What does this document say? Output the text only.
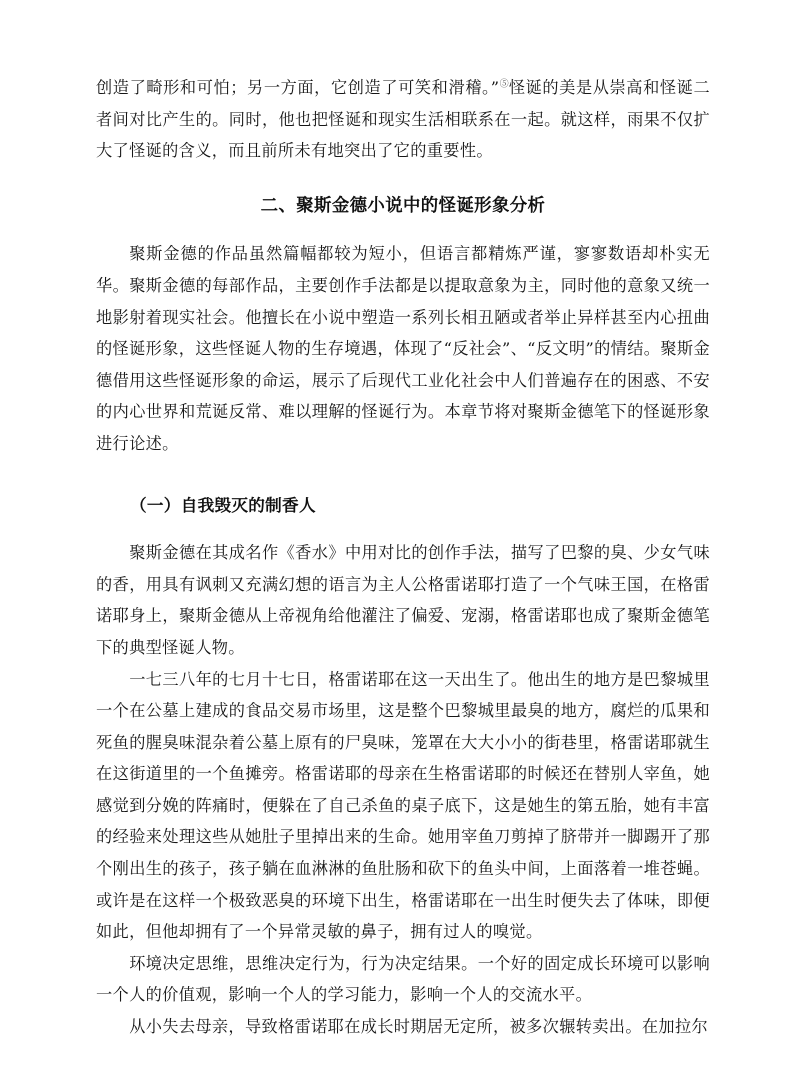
创造了畸形和可怕；另一方面，它创造了可笑和滑稽。”⑤怪诞的美是从崇高和怪诞二者间对比产生的。同时，他也把怪诞和现实生活相联系在一起。就这样，雨果不仅扩大了怪诞的含义，而且前所未有地突出了它的重要性。

二、聚斯金德小说中的怪诞形象分析

聚斯金德的作品虽然篇幅都较为短小，但语言都精炼严谨，寥寥数语却朴实无华。聚斯金德的每部作品，主要创作手法都是以提取意象为主，同时他的意象又统一地影射着现实社会。他擅长在小说中塑造一系列长相丑陋或者举止异样甚至内心扭曲的怪诞形象，这些怪诞人物的生存境遇，体现了“反社会”、“反文明”的情结。聚斯金德借用这些怪诞形象的命运，展示了后现代工业化社会中人们普遍存在的困惑、不安的内心世界和荒诞反常、难以理解的怪诞行为。本章节将对聚斯金德笔下的怪诞形象进行论述。

（一）自我毁灭的制香人

聚斯金德在其成名作《香水》中用对比的创作手法，描写了巴黎的臭、少女气味的香，用具有讽刺又充满幻想的语言为主人公格雷诺耶打造了一个气味王国，在格雷诺耶身上，聚斯金德从上帝视角给他灌注了偏爱、宠溺，格雷诺耶也成了聚斯金德笔下的典型怪诞人物。

一七三八年的七月十七日，格雷诺耶在这一天出生了。他出生的地方是巴黎城里一个在公墓上建成的食品交易市场里，这是整个巴黎城里最臭的地方，腐烂的瓜果和死鱼的腥臭味混杂着公墓上原有的尸臭味，笼罩在大大小小的街巷里，格雷诺耶就生在这街道里的一个鱼摊旁。格雷诺耶的母亲在生格雷诺耶的时候还在替别人宰鱼，她感觉到分娩的阵痛时，便躲在了自己杀鱼的桌子底下，这是她生的第五胎，她有丰富的经验来处理这些从她肚子里掉出来的生命。她用宰鱼刀剪掉了脐带并一脚踢开了那个刚出生的孩子，孩子躺在血淋淋的鱼肚肠和砍下的鱼头中间，上面落着一堆苍蝇。或许是在这样一个极致恶臭的环境下出生，格雷诺耶在一出生时便失去了体味，即便如此，但他却拥有了一个异常灵敏的鼻子，拥有过人的嗅觉。

环境决定思维，思维决定行为，行为决定结果。一个好的固定成长环境可以影响一个人的价值观，影响一个人的学习能力，影响一个人的交流水平。

从小失去母亲，导致格雷诺耶在成长时期居无定所，被多次辗转卖出。在加拉尔
